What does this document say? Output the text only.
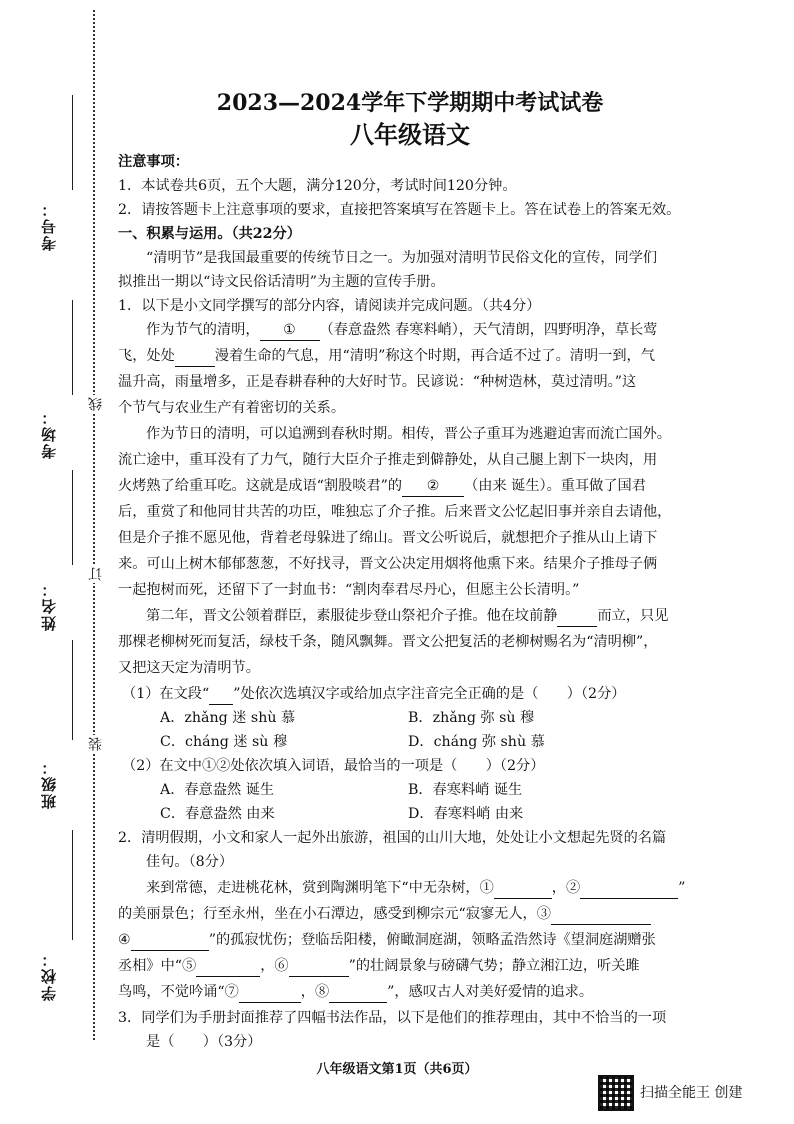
考号：
考场：
线
姓名：
订
班级：
装
学校：
2023—2024学年下学期期中考试试卷
八年级语文
注意事项：
1．本试卷共6页，五个大题，满分120分，考试时间120分钟。
2．请按答题卡上注意事项的要求，直接把答案填写在答题卡上。答在试卷上的答案无效。
一、积累与运用。（共22分）
“清明节”是我国最重要的传统节日之一。为加强对清明节民俗文化的宣传，同学们
拟推出一期以“诗文民俗话清明”为主题的宣传手册。
1．以下是小文同学撰写的部分内容，请阅读并完成问题。（共4分）
作为节气的清明， ① （春意盎然 春寒料峭），天气清朗，四野明净，草长莺
飞，处处	漫着生命的气息，用“清明”称这个时期，再合适不过了。清明一到，气
温升高，雨量增多，正是春耕春种的大好时节。民谚说：“种树造林，莫过清明。”这
个节气与农业生产有着密切的关系。
作为节日的清明，可以追溯到春秋时期。相传，晋公子重耳为逃避迫害而流亡国外。
流亡途中，重耳没有了力气，随行大臣介子推走到僻静处，从自己腿上割下一块肉，用
火烤熟了给重耳吃。这就是成语“割股啖君”的 ② （由来 诞生）。重耳做了国君
后，重赏了和他同甘共苦的功臣，唯独忘了介子推。后来晋文公忆起旧事并亲自去请他，
但是介子推不愿见他，背着老母躲进了绵山。晋文公听说后，就想把介子推从山上请下
来。可山上树木郁郁葱葱，不好找寻，晋文公决定用烟将他熏下来。结果介子推母子俩
一起抱树而死，还留下了一封血书：“割肉奉君尽丹心，但愿主公长清明。”
第二年，晋文公领着群臣，素服徒步登山祭祀介子推。他在坟前静	而立，只见
那棵老柳树死而复活，绿枝千条，随风飘舞。晋文公把复活的老柳树赐名为“清明柳”，
又把这天定为清明节。
（1）在文段“ ”处依次选填汉字或给加点字注音完全正确的是（　　）（2分）
A．zhǎng 迷 shù 慕	B．zhǎng 弥 sù 穆
C．cháng 迷 sù 穆	D．cháng 弥 shù 慕
（2）在文中①②处依次填入词语，最恰当的一项是（　　）（2分）
A．春意盎然 诞生	B．春寒料峭 诞生
C．春意盎然 由来	D．春寒料峭 由来
2．清明假期，小文和家人一起外出旅游，祖国的山川大地，处处让小文想起先贤的名篇
佳句。（8分）
来到常德，走进桃花林，赏到陶渊明笔下“中无杂树，①	，②	”
的美丽景色；行至永州，坐在小石潭边，感受到柳宗元“寂寥无人，③
④	”的孤寂忧伤；登临岳阳楼，俯瞰洞庭湖，领略孟浩然诗《望洞庭湖赠张
丞相》中“⑤	，⑥	”的壮阔景象与磅礴气势；静立湘江边，听关雎
鸟鸣，不觉吟诵“⑦	，⑧	”，感叹古人对美好爱情的追求。
3．同学们为手册封面推荐了四幅书法作品，以下是他们的推荐理由，其中不恰当的一项
是（　　）（3分）
八年级语文第1页（共6页）
扫描全能王 创建
